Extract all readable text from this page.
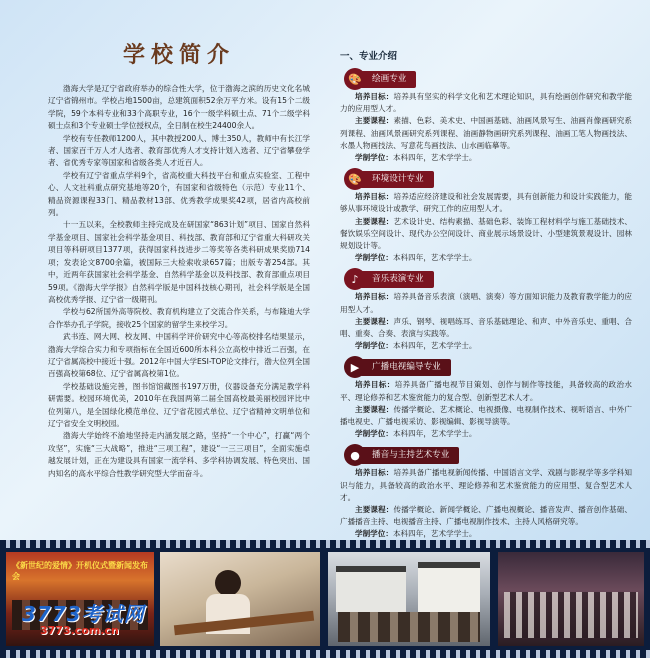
学校简介

渤海大学是辽宁省政府举办的综合性大学，位于渤海之滨的历史文化名城辽宁省锦州市。学校占地1500亩，总建筑面积52余万平方米。设有15个二级学院，59个本科专业和33个高职专业，16个一级学科硕士点、71个二级学科硕士点和3个专业硕士学位授权点，全日制在校生24400余人。

学校有专任教师1200人，其中教授200人、博士350人，教师中有长江学者、国家百千万人才人选者、教育部优秀人才支持计划入选者、辽宁省攀登学者、省优秀专家等国家和省级各类人才近百人。

学校有辽宁省重点学科9个，省高校重大科技平台和重点实验室、工程中心、人文社科重点研究基地等20个，有国家和省级特色（示范）专业11个、精品资源课程33门、精品教材13部、优秀教学成果奖42项，居省内高校前列。

十一五以来，全校教师主持完成及在研国家“863计划”项目、国家自然科学基金项目、国家社会科学基金项目、科技部、教育部和辽宁省重大科研攻关项目等科研项目1377项，获得国家科技进步二等奖等各类科研成果奖励714项；发表论文8700余篇，被国际三大检索收录657篇；出版专著254部。其中，近两年获国家社会科学基金、自然科学基金以及科技部、教育部重点项目59项。《渤海大学学报》自然科学版是中国科技核心期刊，社会科学版是全国高校优秀学报、辽宁省一级期刊。

学校与62所国外高等院校、教育机构建立了交流合作关系，与布隆迪大学合作举办孔子学院，接收25个国家的留学生来校学习。

武书连、网大网、校友网、中国科学评价研究中心等高校排名结果显示，渤海大学综合实力和专项指标在全国近600所本科公立高校中排近二百强，在辽宁省属高校中接近十强。2012年中国大学ESI-TOP论文排行，渤大位列全国百强高校第68位、辽宁省属高校第1位。

学校基础设施完善，图书馆馆藏图书197万册，仪器设备充分满足教学科研需要。校园环境优美，2010年在我国两第二届全国高校最美丽校园评比中位列第八，是全国绿化模范单位、辽宁省花园式单位、辽宁省精神文明单位和辽宁省安全文明校园。

渤海大学始终不渝地坚持走内涵发展之路，坚持“一个中心”，打赢“两个攻坚”，实施“三大战略”，推进“三项工程”，建设“一三三项目”，全面实施卓越发展计划，正在为建设具有国家一流学科、多学科协调发展、特色突出、国内知名的高水平综合性教学研究型大学而奋斗。

一、专业介绍
🎨	绘画专业

培养目标：培养具有坚实的科学文化和艺术理论知识，具有绘画创作研究和教学能力的应用型人才。

主要课程：素描、色彩、美术史、中国画基础、油画风景写生、油画肖像画研究系列课程、油画风景画研究系列课程、油画静物画研究系列课程、油画工笔人物画技法、水墨人物画技法、写意花鸟画技法、山水画临摹等。

学制学位：本科四年，艺术学学士。

🎨	环境设计专业

培养目标：培养适应经济建设和社会发展需要，具有创新能力和设计实践能力，能够从事环境设计或教学、研究工作的应用型人才。

主要课程：艺术设计史、结构素描、基础色彩、装饰工程材料学与施工基础技术、餐饮娱乐空间设计、现代办公空间设计、商业展示场景设计、小型建筑景观设计、园林规划设计等。

学制学位：本科四年，艺术学学士。

♪	音乐表演专业

培养目标：培养具备音乐表演（演唱、演奏）等方面知识能力及教育教学能力的应用型人才。

主要课程：声乐、钢琴、视唱练耳、音乐基础理论、和声、中外音乐史、重唱、合唱、重奏、合奏、表演与实践等。

学制学位：本科四年，艺术学学士。

▶	广播电视编导专业

培养目标：培养具备广播电视节目策划、创作与制作等技能，具备较高的政治水平、理论修养和艺术鉴赏能力的复合型、创新型艺术人才。

主要课程：传播学概论、艺术概论、电视摄像、电视制作技术、视听语言、中外广播电视史、广播电视采访、影视编辑、影视导演等。

学制学位：本科四年，艺术学学士。

●	播音与主持艺术专业

培养目标：培养具备广播电视新闻传播、中国语言文学、戏剧与影视学等多学科知识与能力，具备较高的政治水平、理论修养和艺术鉴赏能力的应用型、复合型艺术人才。

主要课程：传播学概论、新闻学概论、广播电视概论、播音发声、播音创作基础、广播播音主持、电视播音主持、广播电视制作技术、主持人风格研究等。

学制学位：本科四年，艺术学学士。

《新世纪的爱情》开机仪式暨新闻发布会
3773考试网
3773.com.cn
